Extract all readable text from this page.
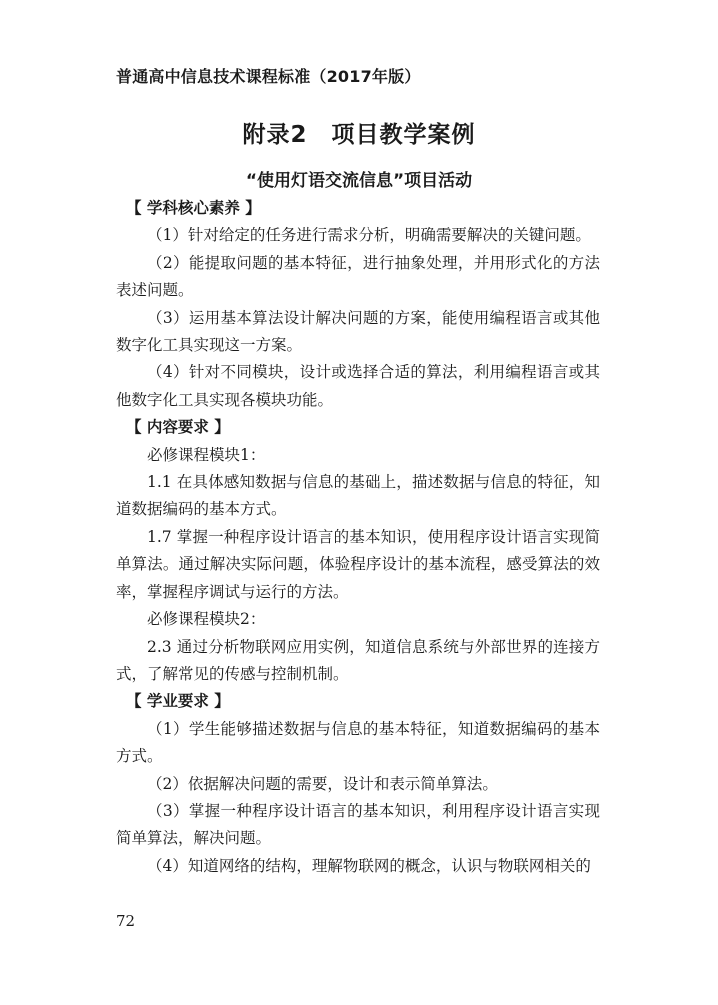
普通高中信息技术课程标准（2017年版）
附录2　项目教学案例
“使用灯语交流信息”项目活动
【 学科核心素养 】
（1）针对给定的任务进行需求分析，明确需要解决的关键问题。
（2）能提取问题的基本特征，进行抽象处理，并用形式化的方法表述问题。
（3）运用基本算法设计解决问题的方案，能使用编程语言或其他数字化工具实现这一方案。
（4）针对不同模块，设计或选择合适的算法，利用编程语言或其他数字化工具实现各模块功能。
【 内容要求 】
必修课程模块1：
1.1 在具体感知数据与信息的基础上，描述数据与信息的特征，知道数据编码的基本方式。
1.7 掌握一种程序设计语言的基本知识，使用程序设计语言实现简单算法。通过解决实际问题，体验程序设计的基本流程，感受算法的效率，掌握程序调试与运行的方法。
必修课程模块2：
2.3 通过分析物联网应用实例，知道信息系统与外部世界的连接方式，了解常见的传感与控制机制。
【 学业要求 】
（1）学生能够描述数据与信息的基本特征，知道数据编码的基本方式。
（2）依据解决问题的需要，设计和表示简单算法。
（3）掌握一种程序设计语言的基本知识，利用程序设计语言实现简单算法，解决问题。
（4）知道网络的结构，理解物联网的概念，认识与物联网相关的
72
